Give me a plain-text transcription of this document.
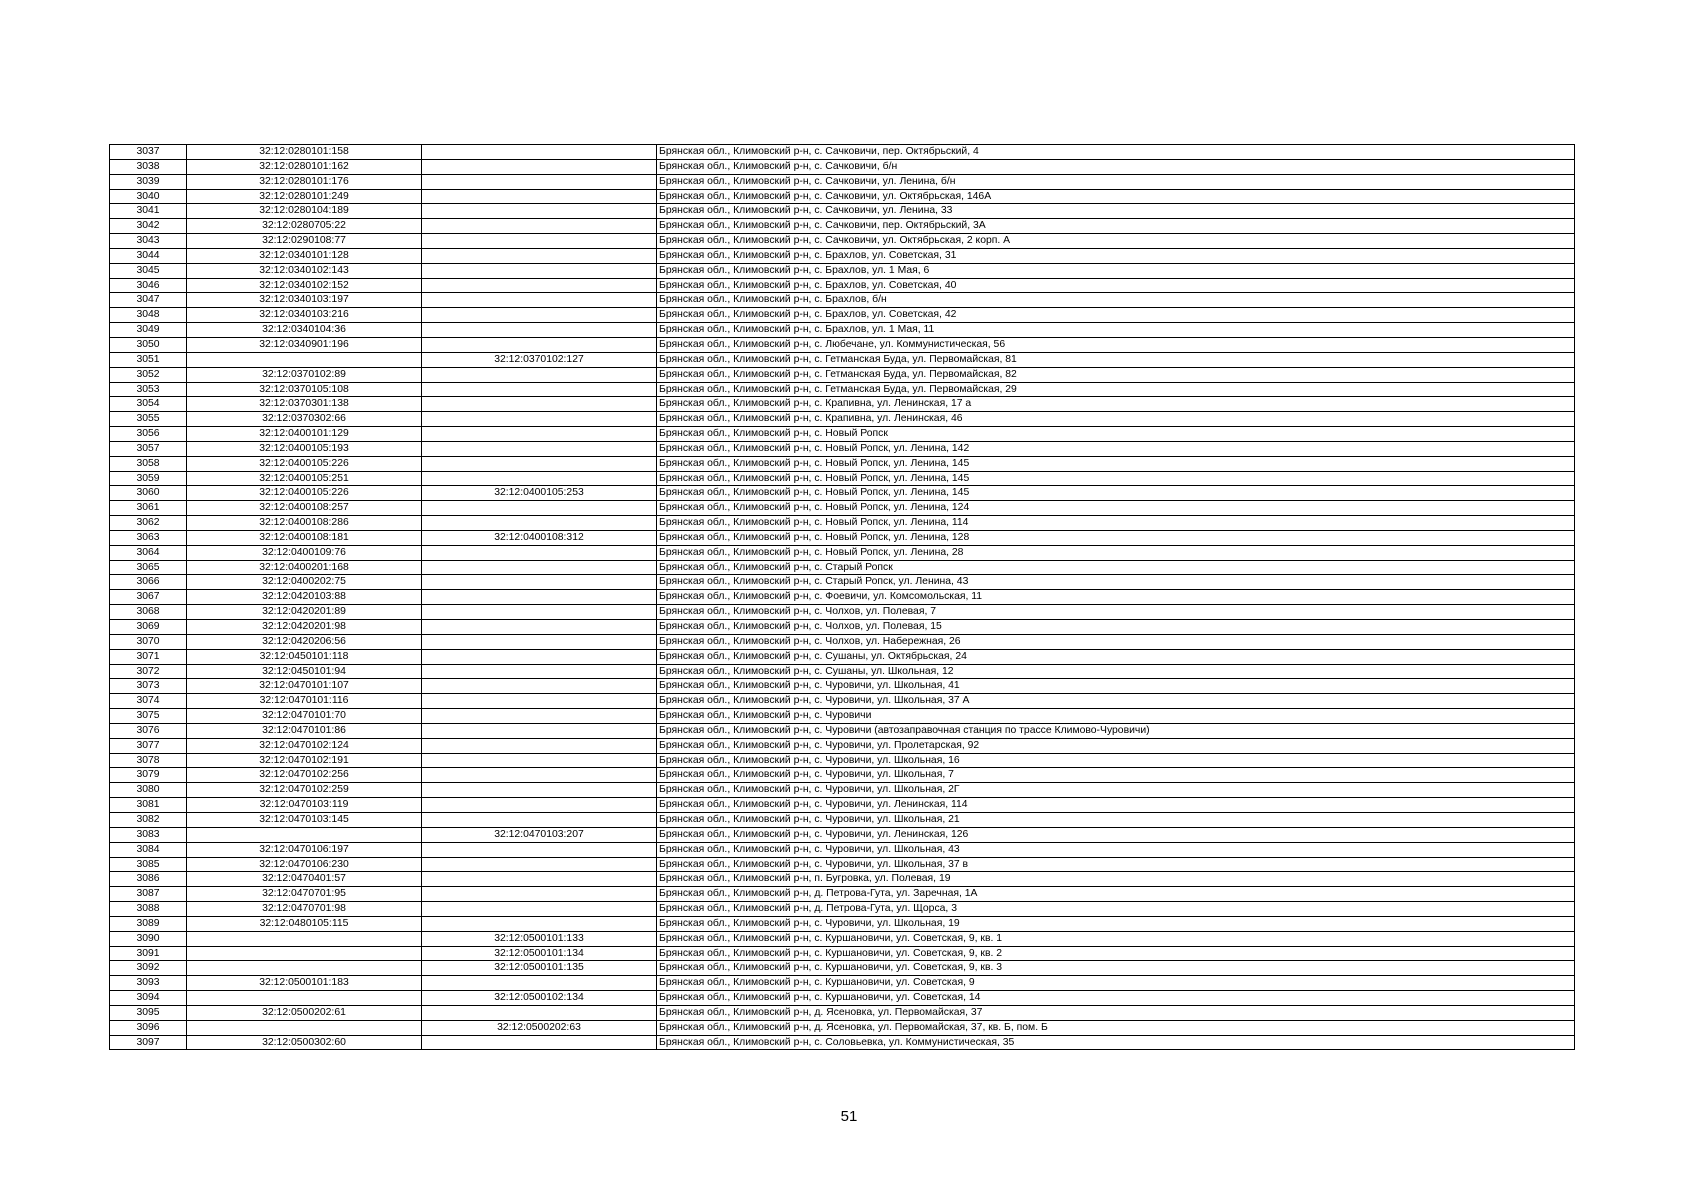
3037	32:12:0280101:158		Брянская обл., Климовский р-н, с. Сачковичи, пер. Октябрьский, 4
3038	32:12:0280101:162		Брянская обл., Климовский р-н, с. Сачковичи, б/н
3039	32:12:0280101:176		Брянская обл., Климовский р-н, с. Сачковичи, ул. Ленина, б/н
3040	32:12:0280101:249		Брянская обл., Климовский р-н, с. Сачковичи, ул. Октябрьская, 146А
3041	32:12:0280104:189		Брянская обл., Климовский р-н, с. Сачковичи, ул. Ленина, 33
3042	32:12:0280705:22		Брянская обл., Климовский р-н, с. Сачковичи, пер. Октябрьский, 3А
3043	32:12:0290108:77		Брянская обл., Климовский р-н, с. Сачковичи, ул. Октябрьская, 2 корп. А
3044	32:12:0340101:128		Брянская обл., Климовский р-н, с. Брахлов, ул. Советская, 31
3045	32:12:0340102:143		Брянская обл., Климовский р-н, с. Брахлов, ул. 1 Мая, 6
3046	32:12:0340102:152		Брянская обл., Климовский р-н, с. Брахлов, ул. Советская, 40
3047	32:12:0340103:197		Брянская обл., Климовский р-н, с. Брахлов, б/н
3048	32:12:0340103:216		Брянская обл., Климовский р-н, с. Брахлов, ул. Советская, 42
3049	32:12:0340104:36		Брянская обл., Климовский р-н, с. Брахлов, ул. 1 Мая, 11
3050	32:12:0340901:196		Брянская обл., Климовский р-н, с. Любечане, ул. Коммунистическая, 56
3051		32:12:0370102:127	Брянская обл., Климовский р-н, с. Гетманская Буда, ул. Первомайская, 81
3052	32:12:0370102:89		Брянская обл., Климовский р-н, с. Гетманская Буда, ул. Первомайская, 82
3053	32:12:0370105:108		Брянская обл., Климовский р-н, с. Гетманская Буда, ул. Первомайская, 29
3054	32:12:0370301:138		Брянская обл., Климовский р-н, с. Крапивна, ул. Ленинская, 17 а
3055	32:12:0370302:66		Брянская обл., Климовский р-н, с. Крапивна, ул. Ленинская, 46
3056	32:12:0400101:129		Брянская обл., Климовский р-н, с. Новый Ропск
3057	32:12:0400105:193		Брянская обл., Климовский р-н, с. Новый Ропск, ул. Ленина, 142
3058	32:12:0400105:226		Брянская обл., Климовский р-н, с. Новый Ропск, ул. Ленина, 145
3059	32:12:0400105:251		Брянская обл., Климовский р-н, с. Новый Ропск, ул. Ленина, 145
3060	32:12:0400105:226	32:12:0400105:253	Брянская обл., Климовский р-н, с. Новый Ропск, ул. Ленина, 145
3061	32:12:0400108:257		Брянская обл., Климовский р-н, с. Новый Ропск, ул. Ленина, 124
3062	32:12:0400108:286		Брянская обл., Климовский р-н, с. Новый Ропск, ул. Ленина, 114
3063	32:12:0400108:181	32:12:0400108:312	Брянская обл., Климовский р-н, с. Новый Ропск, ул. Ленина, 128
3064	32:12:0400109:76		Брянская обл., Климовский р-н, с. Новый Ропск, ул. Ленина, 28
3065	32:12:0400201:168		Брянская обл., Климовский р-н, с. Старый Ропск
3066	32:12:0400202:75		Брянская обл., Климовский р-н, с. Старый Ропск, ул. Ленина, 43
3067	32:12:0420103:88		Брянская обл., Климовский р-н, с. Фоевичи, ул. Комсомольская, 11
3068	32:12:0420201:89		Брянская обл., Климовский р-н, с. Чолхов, ул. Полевая, 7
3069	32:12:0420201:98		Брянская обл., Климовский р-н, с. Чолхов, ул. Полевая, 15
3070	32:12:0420206:56		Брянская обл., Климовский р-н, с. Чолхов, ул. Набережная, 26
3071	32:12:0450101:118		Брянская обл., Климовский р-н, с. Сушаны, ул. Октябрьская, 24
3072	32:12:0450101:94		Брянская обл., Климовский р-н, с. Сушаны, ул. Школьная, 12
3073	32:12:0470101:107		Брянская обл., Климовский р-н, с. Чуровичи, ул. Школьная, 41
3074	32:12:0470101:116		Брянская обл., Климовский р-н, с. Чуровичи, ул. Школьная, 37 А
3075	32:12:0470101:70		Брянская обл., Климовский р-н, с. Чуровичи
3076	32:12:0470101:86		Брянская обл., Климовский р-н, с. Чуровичи (автозаправочная станция по трассе Климово-Чуровичи)
3077	32:12:0470102:124		Брянская обл., Климовский р-н, с. Чуровичи, ул. Пролетарская, 92
3078	32:12:0470102:191		Брянская обл., Климовский р-н, с. Чуровичи, ул. Школьная, 16
3079	32:12:0470102:256		Брянская обл., Климовский р-н, с. Чуровичи, ул. Школьная, 7
3080	32:12:0470102:259		Брянская обл., Климовский р-н, с. Чуровичи, ул. Школьная, 2Г
3081	32:12:0470103:119		Брянская обл., Климовский р-н, с. Чуровичи, ул. Ленинская, 114
3082	32:12:0470103:145		Брянская обл., Климовский р-н, с. Чуровичи, ул. Школьная, 21
3083		32:12:0470103:207	Брянская обл., Климовский р-н, с. Чуровичи, ул. Ленинская, 126
3084	32:12:0470106:197		Брянская обл., Климовский р-н, с. Чуровичи, ул. Школьная, 43
3085	32:12:0470106:230		Брянская обл., Климовский р-н, с. Чуровичи, ул. Школьная, 37 в
3086	32:12:0470401:57		Брянская обл., Климовский р-н, п. Бугровка, ул. Полевая, 19
3087	32:12:0470701:95		Брянская обл., Климовский р-н, д. Петрова-Гута, ул. Заречная, 1А
3088	32:12:0470701:98		Брянская обл., Климовский р-н, д. Петрова-Гута, ул. Щорса, 3
3089	32:12:0480105:115		Брянская обл., Климовский р-н, с. Чуровичи, ул. Школьная, 19
3090		32:12:0500101:133	Брянская обл., Климовский р-н, с. Куршановичи, ул. Советская, 9, кв. 1
3091		32:12:0500101:134	Брянская обл., Климовский р-н, с. Куршановичи, ул. Советская, 9, кв. 2
3092		32:12:0500101:135	Брянская обл., Климовский р-н, с. Куршановичи, ул. Советская, 9, кв. 3
3093	32:12:0500101:183		Брянская обл., Климовский р-н, с. Куршановичи, ул. Советская, 9
3094		32:12:0500102:134	Брянская обл., Климовский р-н, с. Куршановичи, ул. Советская, 14
3095	32:12:0500202:61		Брянская обл., Климовский р-н, д. Ясеновка, ул. Первомайская, 37
3096		32:12:0500202:63	Брянская обл., Климовский р-н, д. Ясеновка, ул. Первомайская, 37, кв. Б, пом. Б
3097	32:12:0500302:60		Брянская обл., Климовский р-н, с. Соловьевка, ул. Коммунистическая, 35
51
